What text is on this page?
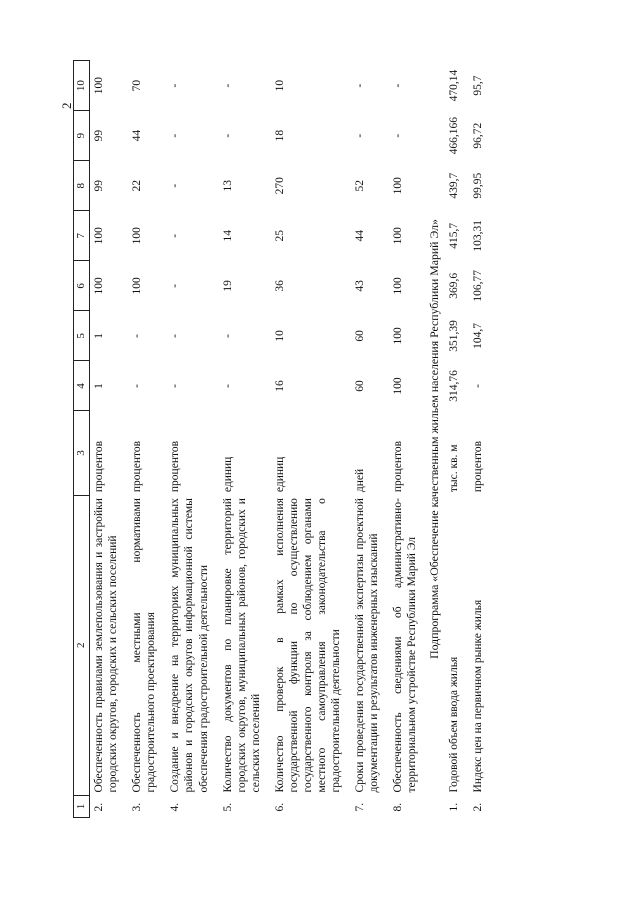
2
1	2	3	4	5	6	7	8	9	10
2.	Обеспеченность правилами землепользования и застройки городских округов, городских и сельских поселений	процентов	1	1	100	100	99	99	100
3.	Обеспеченность местными нормативами градостроительного проектирования	процентов	-	-	100	100	22	44	70
4.	Создание и внедрение на территориях муниципальных районов и городских округов информационной системы обеспечения градостроительной деятельности	процентов	-	-	-	-	-	-	-
5.	Количество документов по планировке территорий городских округов, муниципальных районов, городских и сельских поселений	единиц	-	-	19	14	13	-	-
6.	Количество проверок в рамках исполнения государственной функции по осуществлению государственного контроля за соблюдением органами местного самоуправления законодательства о градостроительной деятельности	единиц	16	10	36	25	270	18	10
7.	Сроки проведения государственной экспертизы проектной документации и результатов инженерных изысканий	дней	60	60	43	44	52	-	-
8.	Обеспеченность сведениями об административно-территориальном устройстве Республики Марий Эл	процентов	100	100	100	100	100	-	-
Подпрограмма «Обеспечение качественным жильем населения Республики Марий Эл»									
1.	Годовой объем ввода жилья	тыс. кв. м	314,76	351,39	369,6	415,7	439,7	466,166	470,14
2.	Индекс цен на первичном рынке жилья	процентов	-	104,7	106,77	103,31	99,95	96,72	95,7
